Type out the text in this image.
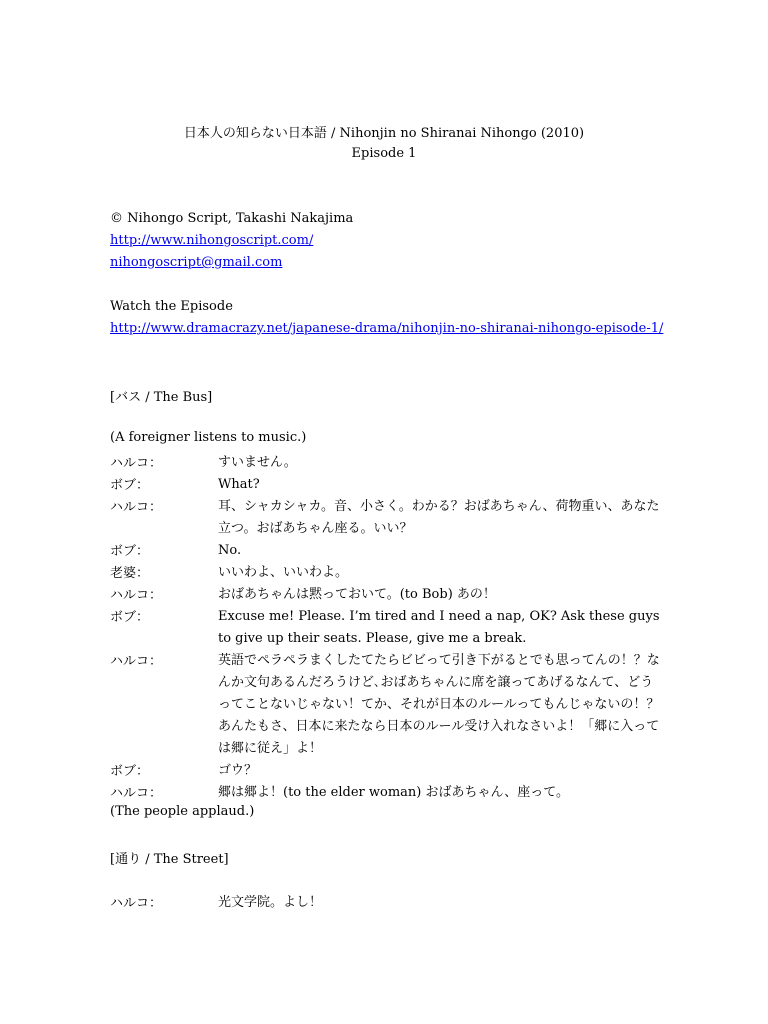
日本人の知らない日本語 / Nihonjin no Shiranai Nihongo (2010)
Episode 1
© Nihongo Script, Takashi Nakajima
http://www.nihongoscript.com/
nihongoscript@gmail.com
Watch the Episode
http://www.dramacrazy.net/japanese-drama/nihonjin-no-shiranai-nihongo-episode-1/
[バス / The Bus]
(A foreigner listens to music.)
ハルコ：	すいません。
ボブ：	What?
ハルコ：	耳、シャカシャカ。音、小さく。わかる？おばあちゃん、荷物重い、あなた立つ。おばあちゃん座る。いい？
ボブ：	No.
老婆：	いいわよ、いいわよ。
ハルコ：	おばあちゃんは黙っておいて。(to Bob) あの！
ボブ：	Excuse me! Please. I’m tired and I need a nap, OK? Ask these guys to give up their seats. Please, give me a break.
ハルコ：	英語でペラペラまくしたてたらビビって引き下がるとでも思ってんの！？なんか文句あるんだろうけど､おばあちゃんに席を譲ってあげるなんて、どうってことないじゃない！てか、それが日本のルールってもんじゃないの！？あんたもさ、日本に来たなら日本のルール受け入れなさいよ！「郷に入っては郷に従え」よ！
ボブ：	ゴウ？
ハルコ：	郷は郷よ！(to the elder woman) おばあちゃん、座って。
(The people applaud.)
[通り / The Street]
ハルコ：	光文学院。よし！
